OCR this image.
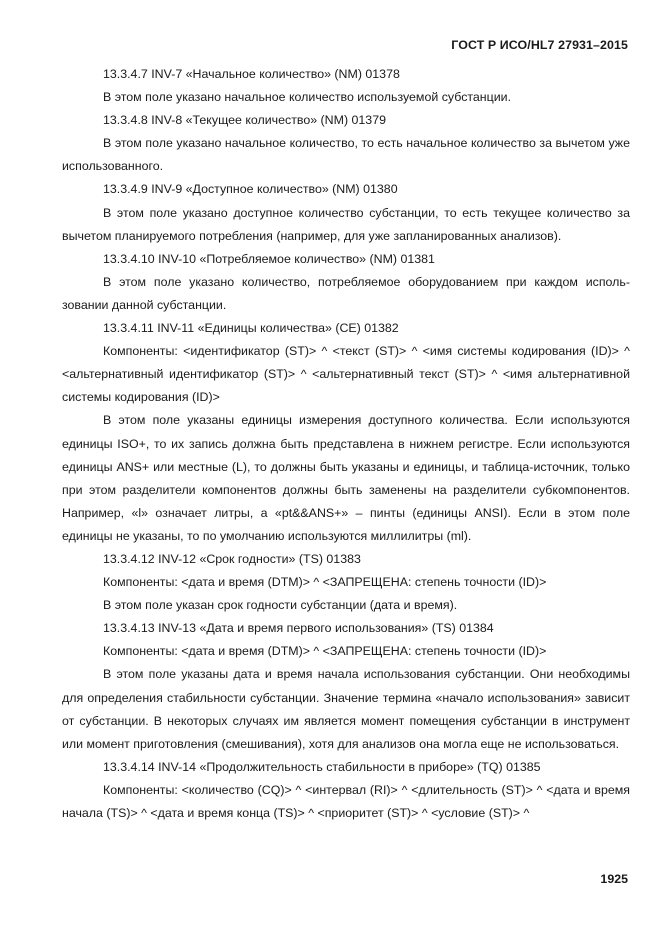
ГОСТ Р ИСО/HL7 27931–2015

13.3.4.7 INV-7 «Начальное количество» (NM) 01378

В этом поле указано начальное количество используемой субстанции.

13.3.4.8 INV-8 «Текущее количество» (NM) 01379

В этом поле указано начальное количество, то есть начальное количество за вычетом уже использованного.

13.3.4.9 INV-9 «Доступное количество» (NM) 01380

В этом поле указано доступное количество субстанции, то есть текущее количество за вычетом планируемого потребления (например, для уже запланированных анализов).

13.3.4.10 INV-10 «Потребляемое количество» (NM) 01381

В этом поле указано количество, потребляемое оборудованием при каждом использовании данной субстанции.

13.3.4.11 INV-11 «Единицы количества» (CE) 01382

Компоненты: <идентификатор (ST)> ^ <текст (ST)> ^ <имя системы кодирования (ID)> ^ <альтернативный идентификатор (ST)> ^ <альтернативный текст (ST)> ^ <имя альтернативной системы кодирования (ID)>

В этом поле указаны единицы измерения доступного количества. Если используются единицы ISO+, то их запись должна быть представлена в нижнем регистре. Если используются единицы ANS+ или местные (L), то должны быть указаны и единицы, и таблица-источник, только при этом разделители компонентов должны быть заменены на разделители субкомпонентов. Например, «l» означает литры, а «pt&&ANS+» – пинты (единицы ANSI). Если в этом поле единицы не указаны, то по умолчанию используются миллилитры (ml).

13.3.4.12 INV-12 «Срок годности» (TS) 01383

Компоненты: <дата и время (DTM)> ^ <ЗАПРЕЩЕНА: степень точности (ID)>

В этом поле указан срок годности субстанции (дата и время).

13.3.4.13 INV-13 «Дата и время первого использования» (TS) 01384

Компоненты: <дата и время (DTM)> ^ <ЗАПРЕЩЕНА: степень точности (ID)>

В этом поле указаны дата и время начала использования субстанции. Они необходимы для определения стабильности субстанции. Значение термина «начало использования» зависит от субстанции. В некоторых случаях им является момент помещения субстанции в инструмент или момент приготовления (смешивания), хотя для анализов она могла еще не использоваться.

13.3.4.14 INV-14 «Продолжительность стабильности в приборе» (TQ) 01385

Компоненты: <количество (CQ)> ^ <интервал (RI)> ^ <длительность (ST)> ^ <дата и время начала (TS)> ^ <дата и время конца (TS)> ^ <приоритет (ST)> ^ <условие (ST)> ^

1925
